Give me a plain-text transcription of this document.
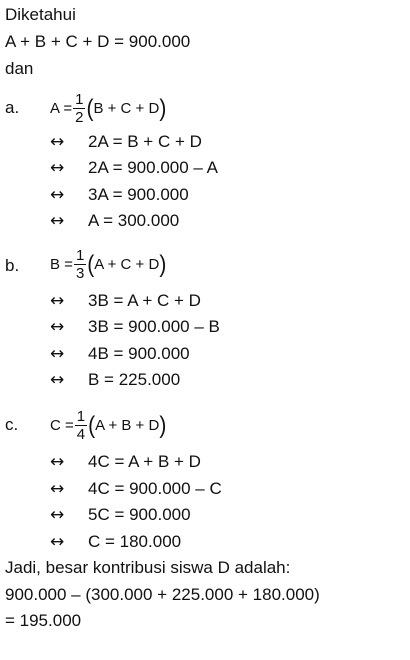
Diketahui
A + B + C + D = 900.000
dan
a. $A = \frac{1}{2}$ ( B + C + D )
↔ 2A = B + C + D
↔ 2A = 900.000 – A
↔ 3A = 900.000
↔ A = 300.000
b. $B = \frac{1}{3}$ ( A + C + D )
↔ 3B = A + C + D
↔ 3B = 900.000 – B
↔ 4B = 900.000
↔ B = 225.000
c. $C = \frac{1}{4}$ ( A + B + D )
↔ 4C = A + B + D
↔ 4C = 900.000 – C
↔ 5C = 900.000
↔ C = 180.000
Jadi, besar kontribusi siswa D adalah:
900.000 – (300.000 + 225.000 + 180.000)
= 195.000
